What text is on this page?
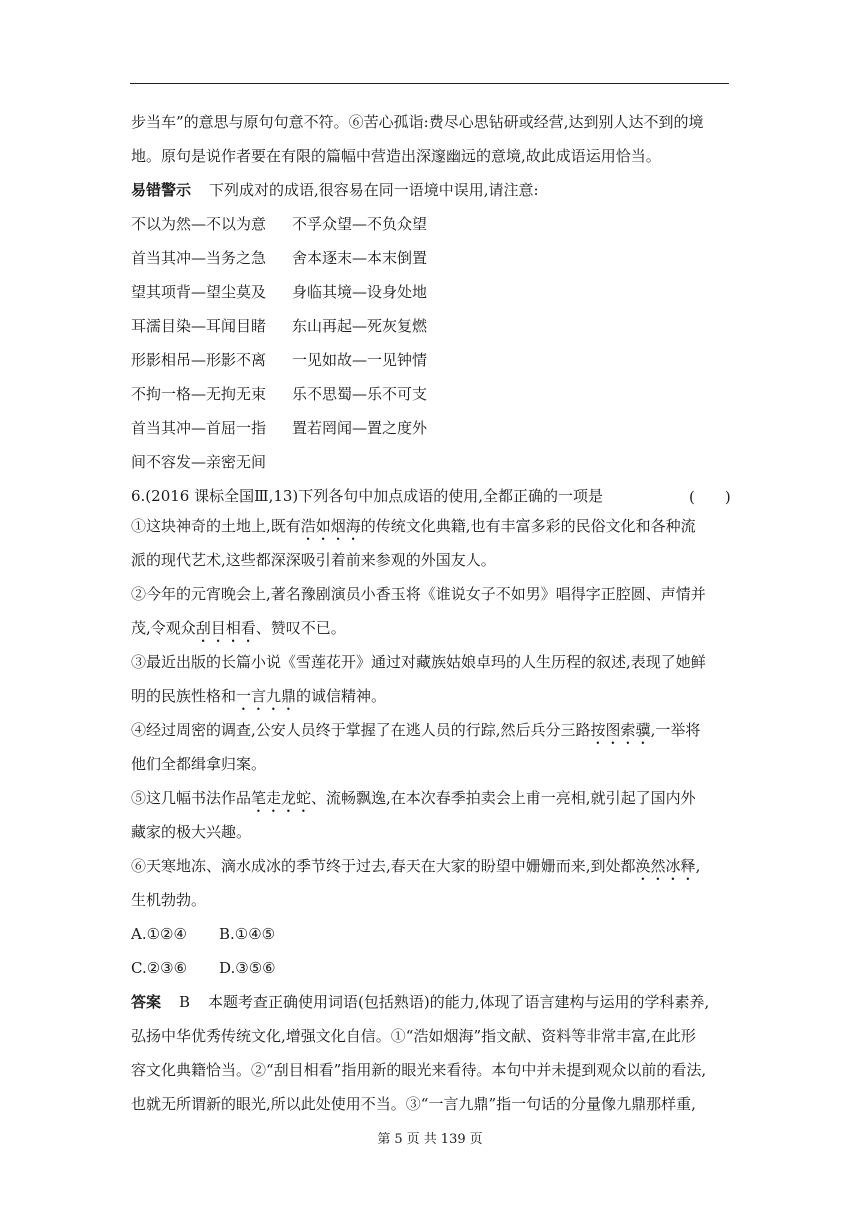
步当车”的意思与原句句意不符。⑥苦心孤诣:费尽心思钻研或经营,达到别人达不到的境
地。原句是说作者要在有限的篇幅中营造出深邃幽远的意境,故此成语运用恰当。
易错警示 下列成对的成语,很容易在同一语境中误用,请注意:
不以为然—不以为意 不孚众望—不负众望
首当其冲—当务之急 舍本逐末—本末倒置
望其项背—望尘莫及 身临其境—设身处地
耳濡目染—耳闻目睹 东山再起—死灰复燃
形影相吊—形影不离 一见如故—一见钟情
不拘一格—无拘无束 乐不思蜀—乐不可支
首当其冲—首屈一指 置若罔闻—置之度外
间不容发—亲密无间
6.(2016 课标全国Ⅲ,13)下列各句中加点成语的使用,全都正确的一项是	(　　)
①这块神奇的土地上,既有浩如烟海的传统文化典籍,也有丰富多彩的民俗文化和各种流
派的现代艺术,这些都深深吸引着前来参观的外国友人。
②今年的元宵晚会上,著名豫剧演员小香玉将《谁说女子不如男》唱得字正腔圆、声情并
茂,令观众刮目相看、赞叹不已。
③最近出版的长篇小说《雪莲花开》通过对藏族姑娘卓玛的人生历程的叙述,表现了她鲜
明的民族性格和一言九鼎的诚信精神。
④经过周密的调查,公安人员终于掌握了在逃人员的行踪,然后兵分三路按图索骥,一举将
他们全都缉拿归案。
⑤这几幅书法作品笔走龙蛇、流畅飘逸,在本次春季拍卖会上甫一亮相,就引起了国内外
藏家的极大兴趣。
⑥天寒地冻、滴水成冰的季节终于过去,春天在大家的盼望中姗姗而来,到处都涣然冰释,
生机勃勃。
A.①②④ B.①④⑤
C.②③⑥ D.③⑤⑥
答案 B 本题考查正确使用词语(包括熟语)的能力,体现了语言建构与运用的学科素养,
弘扬中华优秀传统文化,增强文化自信。①“浩如烟海”指文献、资料等非常丰富,在此形
容文化典籍恰当。②“刮目相看”指用新的眼光来看待。本句中并未提到观众以前的看法,
也就无所谓新的眼光,所以此处使用不当。③“一言九鼎”指一句话的分量像九鼎那样重,
第 5 页 共 139 页
